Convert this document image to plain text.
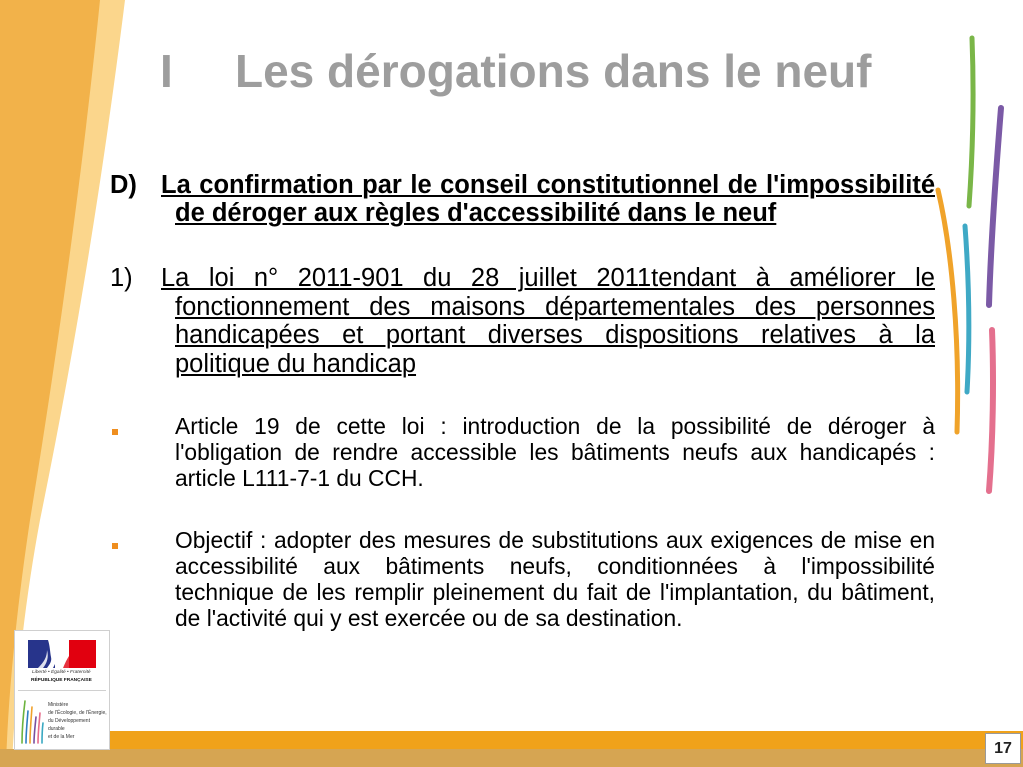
I Les dérogations dans le neuf
D) La confirmation par le conseil constitutionnel de l'impossibilité
de déroger aux règles d'accessibilité dans le neuf
1) La loi n° 2011-901 du 28 juillet 2011tendant à améliorer le
fonctionnement des maisons départementales des personnes
handicapées et portant diverses dispositions relatives à la
politique du handicap
Article 19 de cette loi : introduction de la possibilité de déroger à
l'obligation de rendre accessible les bâtiments neufs aux handicapés :
article L111-7-1 du CCH.
Objectif : adopter des mesures de substitutions aux exigences de mise en
accessibilité aux bâtiments neufs, conditionnées à l'impossibilité
technique de les remplir pleinement du fait de l'implantation, du bâtiment,
de l'activité qui y est exercée ou de sa destination.
17
Liberté • Égalité • Fraternité
RÉPUBLIQUE FRANÇAISE
Ministère
de l'Écologie, de l'Énergie,
du Développement
durable
et de la Mer
